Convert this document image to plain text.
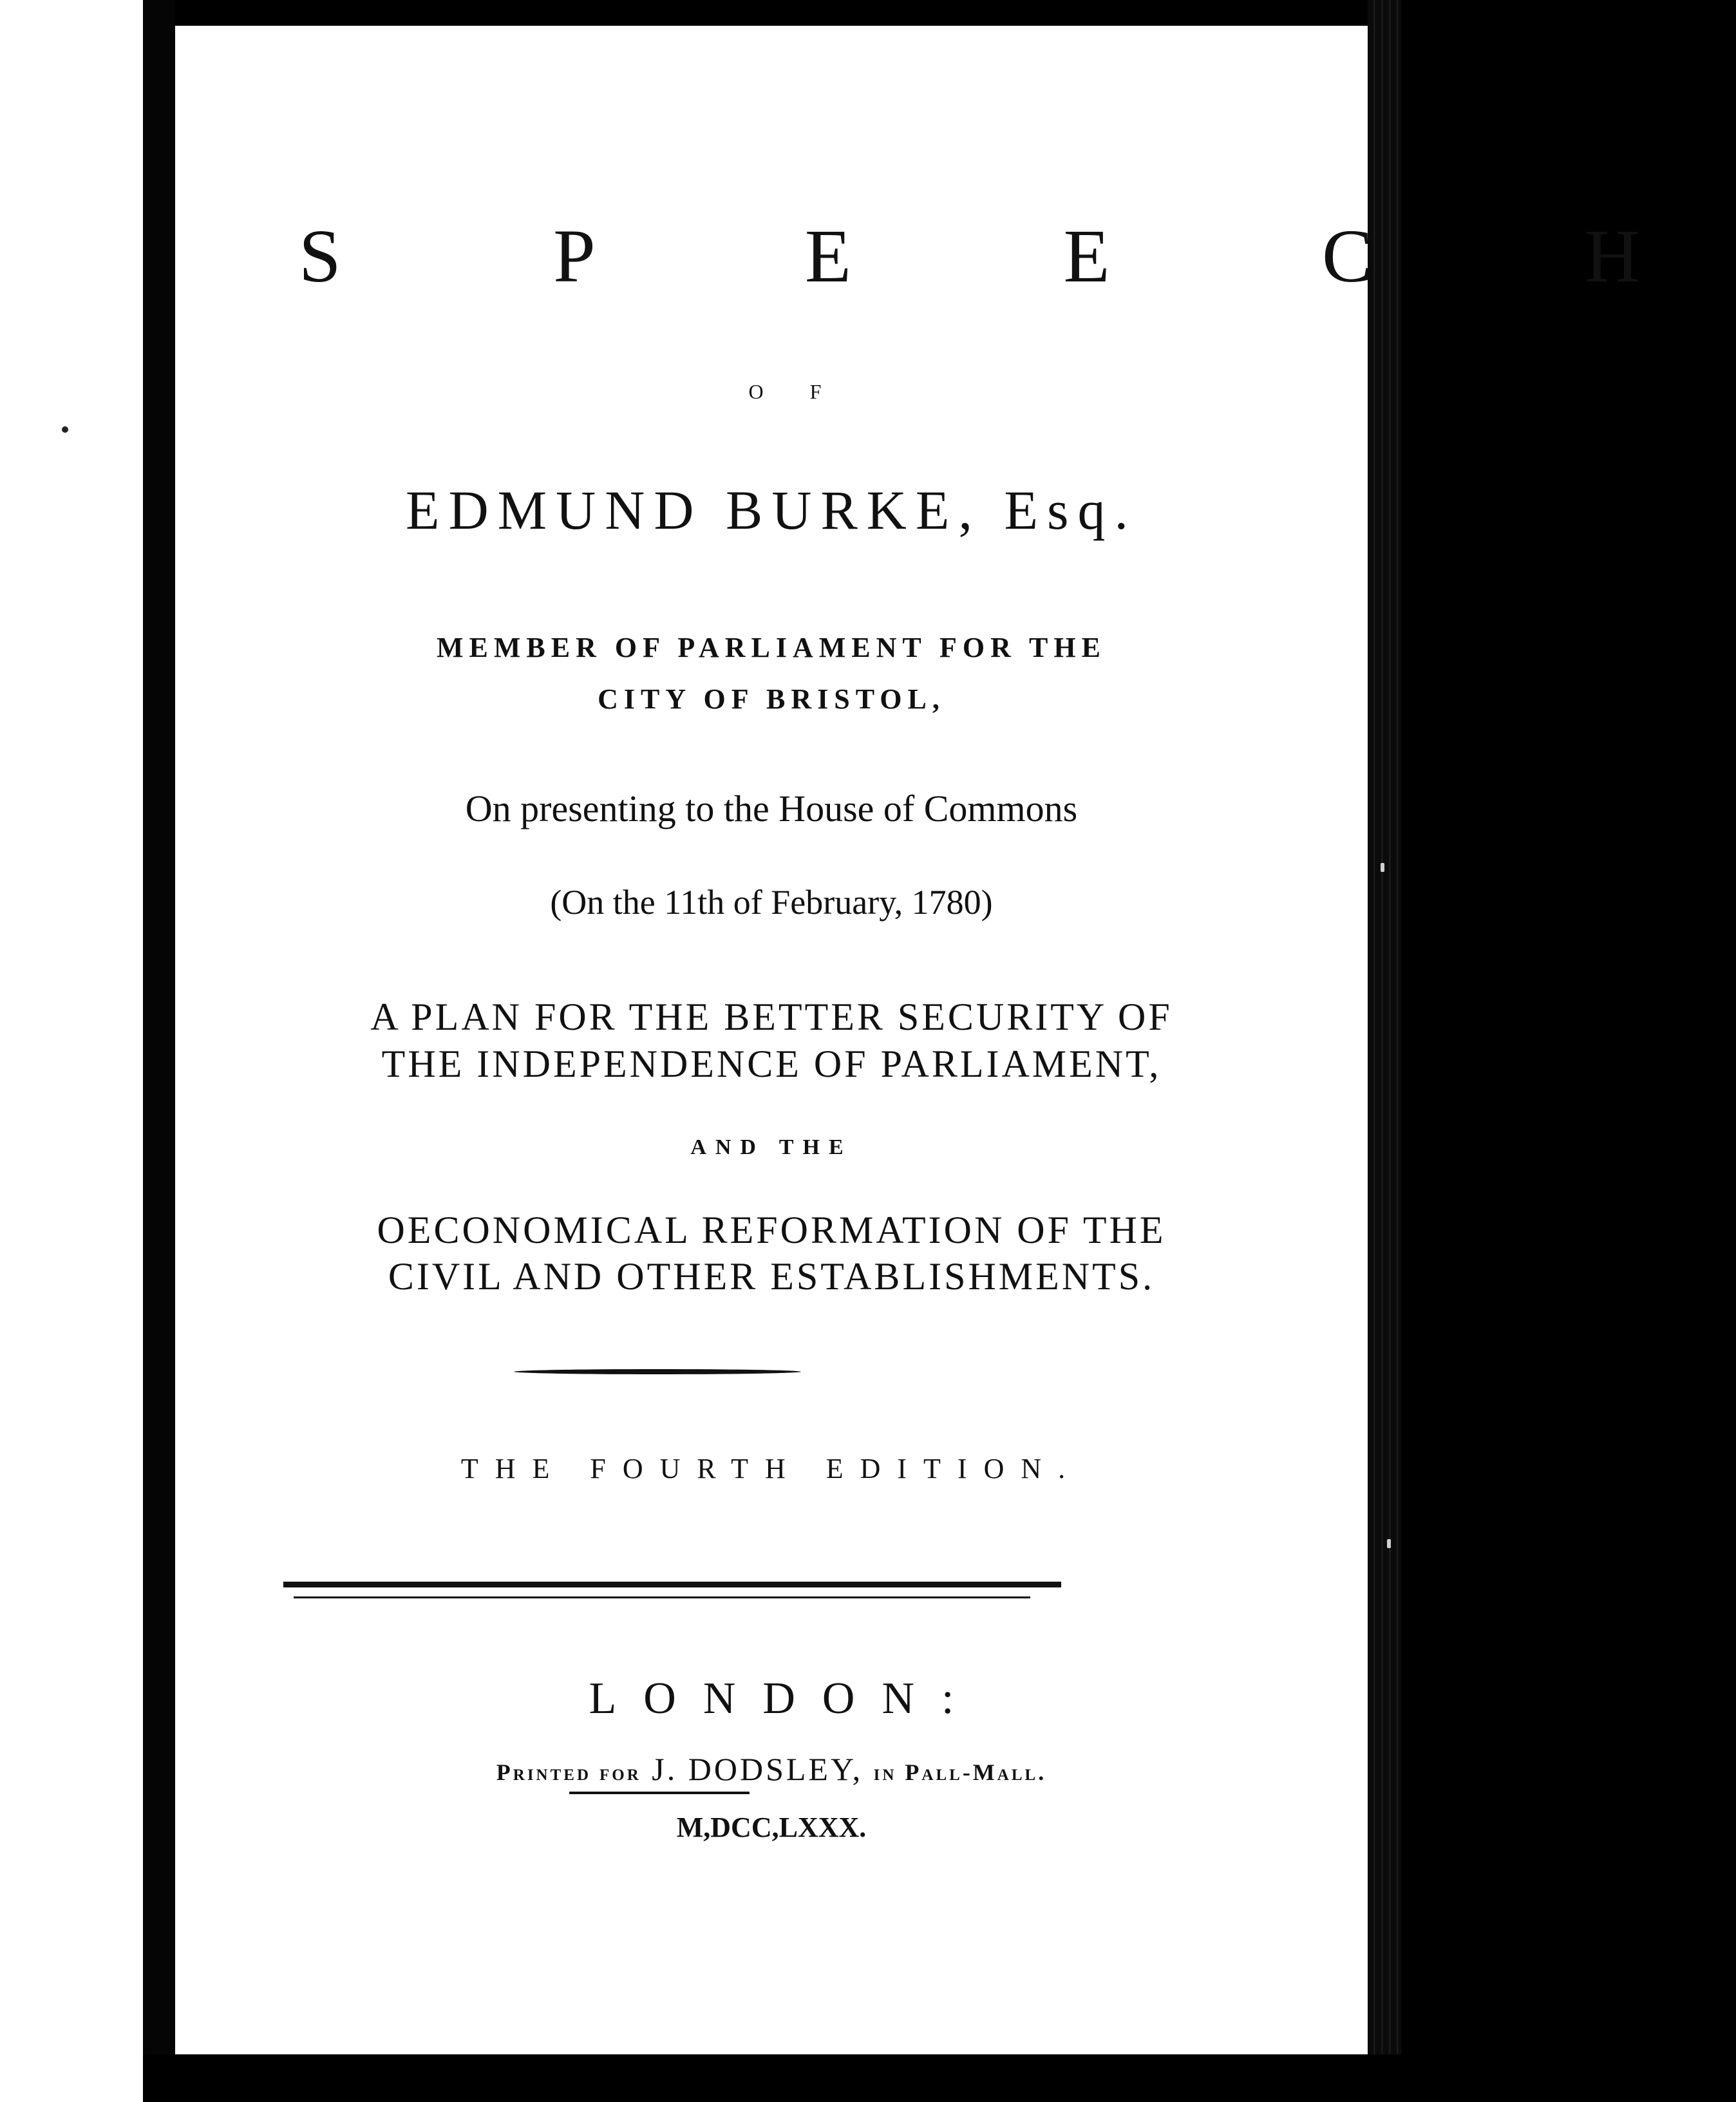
S P E E C H

O F

EDMUND BURKE, Esq.

MEMBER OF PARLIAMENT FOR THE

CITY OF BRISTOL,

On presenting to the House of Commons

(On the 11th of February, 1780)

A PLAN FOR THE BETTER SECURITY OF

THE INDEPENDENCE OF PARLIAMENT,

AND THE

OECONOMICAL REFORMATION OF THE

CIVIL AND OTHER ESTABLISHMENTS.

THE FOURTH EDITION.

LONDON:

Printed for J. DODSLEY, in Pall-Mall.

M,DCC,LXXX.
